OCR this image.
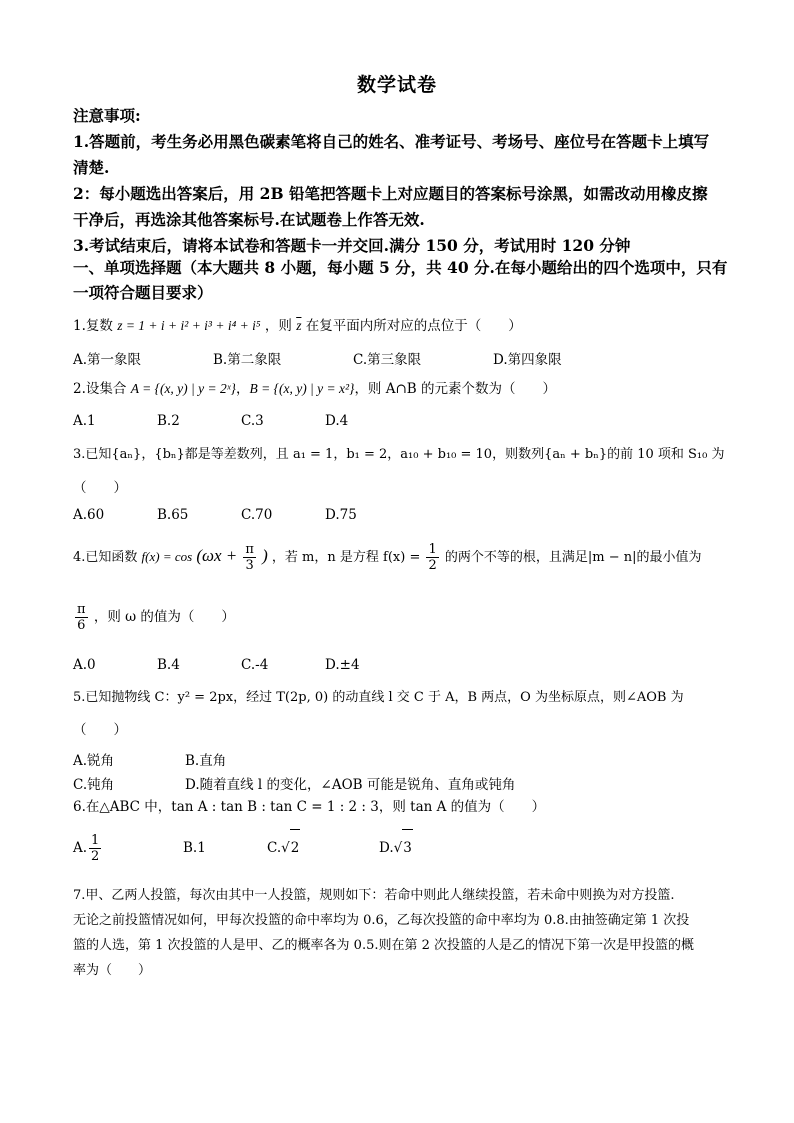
数学试卷
注意事项:
1.答题前，考生务必用黑色碳素笔将自己的姓名、准考证号、考场号、座位号在答题卡上填写
清楚.
2：每小题选出答案后，用 2B 铅笔把答题卡上对应题目的答案标号涂黑，如需改动用橡皮擦
干净后，再选涂其他答案标号.在试题卷上作答无效.
3.考试结束后，请将本试卷和答题卡一并交回.满分 150 分，考试用时 120 分钟
一、单项选择题（本大题共 8 小题，每小题 5 分，共 40 分.在每小题给出的四个选项中，只有
一项符合题目要求）
1.复数 z = 1 + i + i² + i³ + i⁴ + i⁵ ，则 $\overline{z}$ 在复平面内所对应的点位于（　　）
A.第一象限	B.第二象限	C.第三象限	D.第四象限
2.设集合 A = {(x, y) | y = 2ˣ}，B = {(x, y) | y = x²}，则 A∩B 的元素个数为（　　）
A.1	B.2	C.3	D.4
3.已知{aₙ}，{bₙ}都是等差数列，且 a₁ = 1，b₁ = 2，a₁₀ + b₁₀ = 10，则数列{aₙ + bₙ}的前 10 项和 S₁₀ 为
（　　）
A.60	B.65	C.70	D.75
4.已知函数 $f(x) = \cos (\omega x + \frac{\pi}{3}$ ) ，若 m，n 是方程 $f(x) = \frac{1}{2}$ 的两个不等的根，且满足|m − n|的最小值为
$\frac{\pi}{6}$ ，则 ω 的值为（　　）
A.0	B.4	C.-4	D.±4
5.已知抛物线 C：y² = 2px，经过 T(2p, 0) 的动直线 l 交 C 于 A，B 两点，O 为坐标原点，则∠AOB 为
（　　）
A.锐角	B.直角
C.钝角	D.随着直线 l 的变化，∠AOB 可能是锐角、直角或钝角
6.在△ABC 中，tan A : tan B : tan C = 1 : 2 : 3，则 tan A 的值为（　　）
A. $\frac{1}{2}$	B.1	C.√2	D.√3
7.甲、乙两人投篮，每次由其中一人投篮，规则如下：若命中则此人继续投篮，若未命中则换为对方投篮.
无论之前投篮情况如何，甲每次投篮的命中率均为 0.6，乙每次投篮的命中率均为 0.8.由抽签确定第 1 次投
篮的人选，第 1 次投篮的人是甲、乙的概率各为 0.5.则在第 2 次投篮的人是乙的情况下第一次是甲投篮的概
率为（　　）
